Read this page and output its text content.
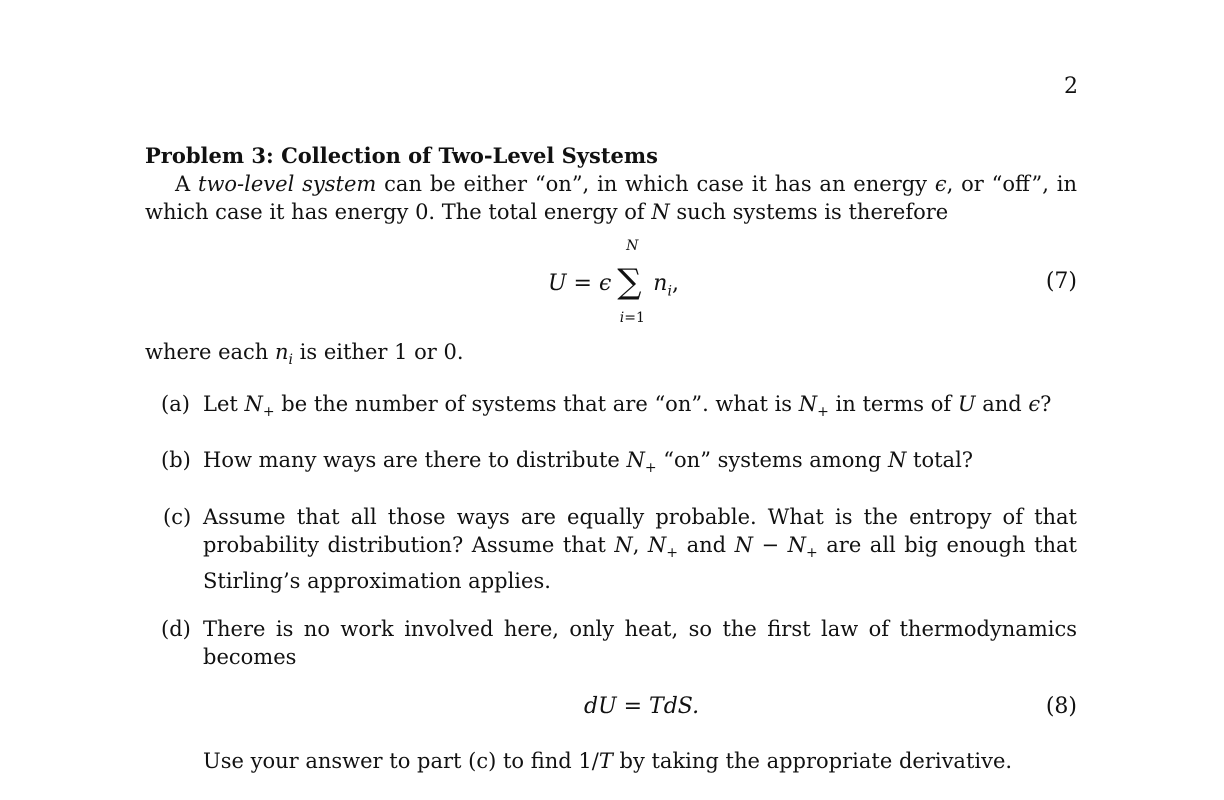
2
Problem 3: Collection of Two-Level Systems

A two-level system can be either “on”, in which case it has an energy ϵ, or “off”, in which case it has energy 0. The total energy of N such systems is therefore

U = ϵ
N
∑
i=1
$n_i$,	(7)

where each $n_i$ is either 1 or 0.

(a) Let $N_+$ be the number of systems that are “on”. what is $N_+$ in terms of U and ϵ?
(b) How many ways are there to distribute $N_+$ “on” systems among N total?
(c) Assume that all those ways are equally probable. What is the entropy of that probability distribution? Assume that N, $N_+$ and $N - N_+$ are all big enough that Stirling’s approximation applies.
(d) There is no work involved here, only heat, so the first law of thermodynamics becomes
dU = TdS.	(8)
Use your answer to part (c) to find 1/T by taking the appropriate derivative.
